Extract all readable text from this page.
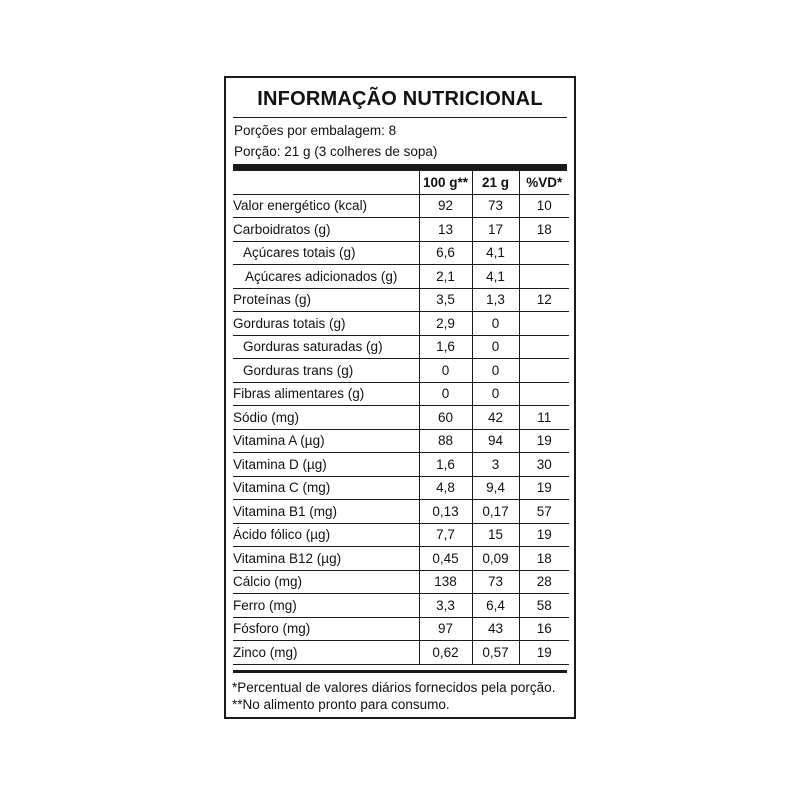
INFORMAÇÃO NUTRICIONAL
Porções por embalagem: 8
Porção: 21 g (3 colheres de sopa)
	100 g**	21 g	%VD*
Valor energético (kcal)	92	73	10
Carboidratos (g)	13	17	18
Açúcares totais (g)	6,6	4,1	
Açúcares adicionados (g)	2,1	4,1	
Proteínas (g)	3,5	1,3	12
Gorduras totais (g)	2,9	0	
Gorduras saturadas (g)	1,6	0	
Gorduras trans (g)	0	0	
Fibras alimentares (g)	0	0	
Sódio (mg)	60	42	11
Vitamina A (µg)	88	94	19
Vitamina D (µg)	1,6	3	30
Vitamina C (mg)	4,8	9,4	19
Vitamina B1 (mg)	0,13	0,17	57
Ácido fólico (µg)	7,7	15	19
Vitamina B12 (µg)	0,45	0,09	18
Cálcio (mg)	138	73	28
Ferro (mg)	3,3	6,4	58
Fósforo (mg)	97	43	16
Zinco (mg)	0,62	0,57	19
*Percentual de valores diários fornecidos pela porção.
**No alimento pronto para consumo.
